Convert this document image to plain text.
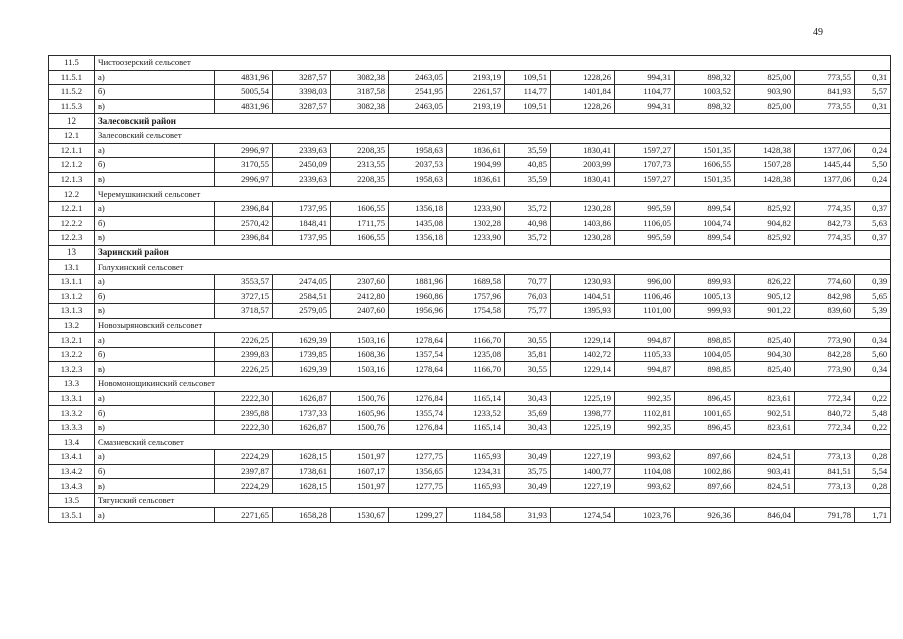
49
11.5	Чистоозерский сельсовет												
11.5.1	а)	4831,96	3287,57	3082,38	2463,05	2193,19	109,51	1228,26	994,31	898,32	825,00	773,55	0,31
11.5.2	б)	5005,54	3398,03	3187,58	2541,95	2261,57	114,77	1401,84	1104,77	1003,52	903,90	841,93	5,57
11.5.3	в)	4831,96	3287,57	3082,38	2463,05	2193,19	109,51	1228,26	994,31	898,32	825,00	773,55	0,31
12	Залесовский район												
12.1	Залесовский сельсовет												
12.1.1	а)	2996,97	2339,63	2208,35	1958,63	1836,61	35,59	1830,41	1597,27	1501,35	1428,38	1377,06	0,24
12.1.2	б)	3170,55	2450,09	2313,55	2037,53	1904,99	40,85	2003,99	1707,73	1606,55	1507,28	1445,44	5,50
12.1.3	в)	2996,97	2339,63	2208,35	1958,63	1836,61	35,59	1830,41	1597,27	1501,35	1428,38	1377,06	0,24
12.2	Черемушкинский сельсовет												
12.2.1	а)	2396,84	1737,95	1606,55	1356,18	1233,90	35,72	1230,28	995,59	899,54	825,92	774,35	0,37
12.2.2	б)	2570,42	1848,41	1711,75	1435,08	1302,28	40,98	1403,86	1106,05	1004,74	904,82	842,73	5,63
12.2.3	в)	2396,84	1737,95	1606,55	1356,18	1233,90	35,72	1230,28	995,59	899,54	825,92	774,35	0,37
13	Заринский район												
13.1	Голухинский сельсовет												
13.1.1	а)	3553,57	2474,05	2307,60	1881,96	1689,58	70,77	1230,93	996,00	899,93	826,22	774,60	0,39
13.1.2	б)	3727,15	2584,51	2412,80	1960,86	1757,96	76,03	1404,51	1106,46	1005,13	905,12	842,98	5,65
13.1.3	в)	3718,57	2579,05	2407,60	1956,96	1754,58	75,77	1395,93	1101,00	999,93	901,22	839,60	5,39
13.2	Новозыряновский сельсовет												
13.2.1	а)	2226,25	1629,39	1503,16	1278,64	1166,70	30,55	1229,14	994,87	898,85	825,40	773,90	0,34
13.2.2	б)	2399,83	1739,85	1608,36	1357,54	1235,08	35,81	1402,72	1105,33	1004,05	904,30	842,28	5,60
13.2.3	в)	2226,25	1629,39	1503,16	1278,64	1166,70	30,55	1229,14	994,87	898,85	825,40	773,90	0,34
13.3	Новомонощикинский сельсовет												
13.3.1	а)	2222,30	1626,87	1500,76	1276,84	1165,14	30,43	1225,19	992,35	896,45	823,61	772,34	0,22
13.3.2	б)	2395,88	1737,33	1605,96	1355,74	1233,52	35,69	1398,77	1102,81	1001,65	902,51	840,72	5,48
13.3.3	в)	2222,30	1626,87	1500,76	1276,84	1165,14	30,43	1225,19	992,35	896,45	823,61	772,34	0,22
13.4	Смазневский сельсовет												
13.4.1	а)	2224,29	1628,15	1501,97	1277,75	1165,93	30,49	1227,19	993,62	897,66	824,51	773,13	0,28
13.4.2	б)	2397,87	1738,61	1607,17	1356,65	1234,31	35,75	1400,77	1104,08	1002,86	903,41	841,51	5,54
13.4.3	в)	2224,29	1628,15	1501,97	1277,75	1165,93	30,49	1227,19	993,62	897,66	824,51	773,13	0,28
13.5	Тягунский сельсовет												
13.5.1	а)	2271,65	1658,28	1530,67	1299,27	1184,58	31,93	1274,54	1023,76	926,36	846,04	791,78	1,71
